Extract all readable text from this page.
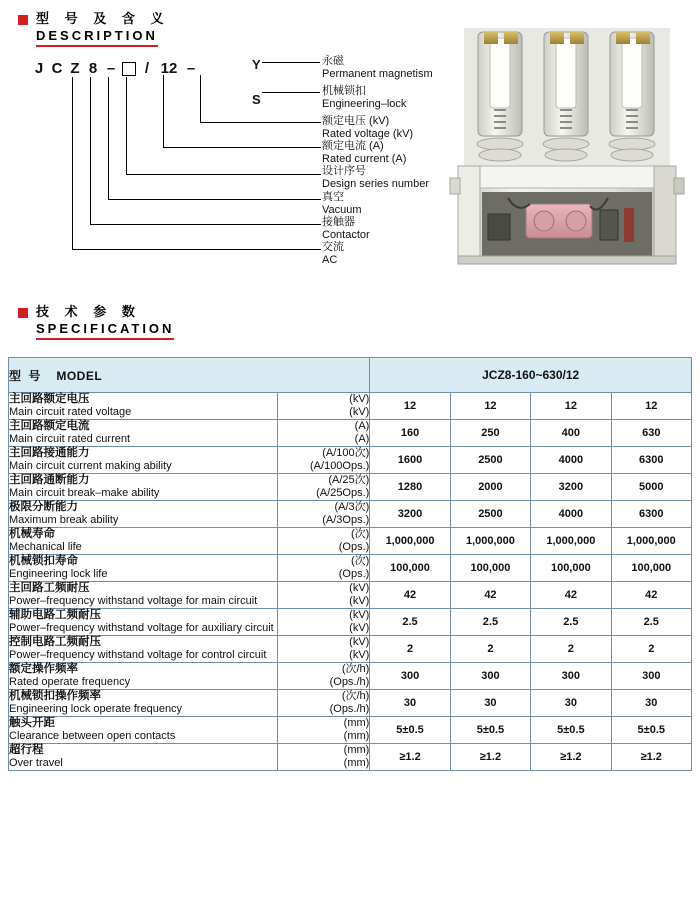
型 号 及 含 义
DESCRIPTION
J C Z 8 – / 12 –	Y
S
永磁
Permanent magnetism
机械锁扣
Engineering–lock
额定电压 (kV)
Rated voltage (kV)
额定电流 (A)
Rated current (A)
设计序号
Design series number
真空
Vacuum
接触器
Contactor
交流
AC
技 术 参 数
SPECIFICATION
型 号 MODEL		JCZ8-160~630/12			

主回路额定电压
Main circuit rated voltage

(kV)
(kV)	12	12	12	12

主回路额定电流
Main circuit rated current

(A)
(A)	160	250	400	630

主回路接通能力
Main circuit current making ability

(A/100次)
(A/100Ops.)	1600	2500	4000	6300

主回路通断能力
Main circuit break–make ability

(A/25次)
(A/25Ops.)	1280	2000	3200	5000

极限分断能力
Maximum break ability

(A/3次)
(A/3Ops.)	3200	2500	4000	6300

机械寿命
Mechanical life

(次)
(Ops.)	1,000,000	1,000,000	1,000,000	1,000,000

机械锁扣寿命
Engineering lock life

(次)
(Ops.)	100,000	100,000	100,000	100,000

主回路工频耐压
Power–frequency withstand voltage for main circuit

(kV)
(kV)	42	42	42	42

辅助电路工频耐压
Power–frequency withstand voltage for auxiliary circuit

(kV)
(kV)	2.5	2.5	2.5	2.5

控制电路工频耐压
Power–frequency withstand voltage for control circuit

(kV)
(kV)	2	2	2	2

额定操作频率
Rated operate frequency

(次/h)
(Ops./h)	300	300	300	300

机械锁扣操作频率
Engineering lock operate frequency

(次/h)
(Ops./h)	30	30	30	30

触头开距
Clearance between open contacts

(mm)
(mm)	5±0.5	5±0.5	5±0.5	5±0.5

超行程
Over travel

(mm)
(mm)	≥1.2	≥1.2	≥1.2	≥1.2
